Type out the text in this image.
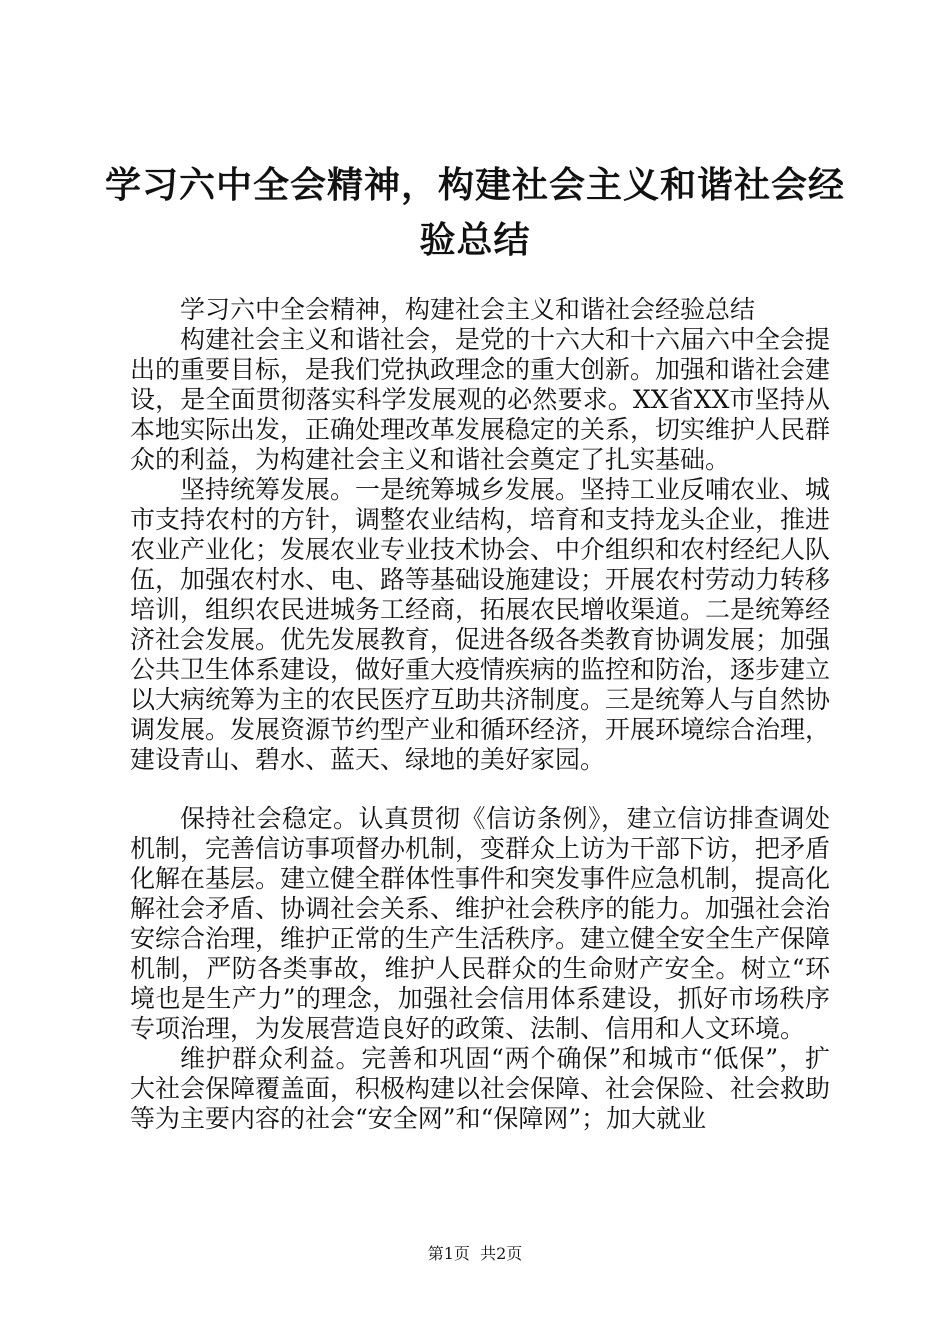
学习六中全会精神，构建社会主义和谐社会经
验总结

学习六中全会精神，构建社会主义和谐社会经验总结

构建社会主义和谐社会，是党的十六大和十六届六中全会提出的重要目标，是我们党执政理念的重大创新。加强和谐社会建设，是全面贯彻落实科学发展观的必然要求。XX省XX市坚持从本地实际出发，正确处理改革发展稳定的关系，切实维护人民群众的利益，为构建社会主义和谐社会奠定了扎实基础。

坚持统筹发展。一是统筹城乡发展。坚持工业反哺农业、城市支持农村的方针，调整农业结构，培育和支持龙头企业，推进农业产业化；发展农业专业技术协会、中介组织和农村经纪人队伍，加强农村水、电、路等基础设施建设；开展农村劳动力转移培训，组织农民进城务工经商，拓展农民增收渠道。二是统筹经济社会发展。优先发展教育，促进各级各类教育协调发展；加强公共卫生体系建设，做好重大疫情疾病的监控和防治，逐步建立以大病统筹为主的农民医疗互助共济制度。三是统筹人与自然协调发展。发展资源节约型产业和循环经济，开展环境综合治理，建设青山、碧水、蓝天、绿地的美好家园。

保持社会稳定。认真贯彻《信访条例》，建立信访排查调处机制，完善信访事项督办机制，变群众上访为干部下访，把矛盾化解在基层。建立健全群体性事件和突发事件应急机制，提高化解社会矛盾、协调社会关系、维护社会秩序的能力。加强社会治安综合治理，维护正常的生产生活秩序。建立健全安全生产保障机制，严防各类事故，维护人民群众的生命财产安全。树立“环境也是生产力”的理念，加强社会信用体系建设，抓好市场秩序专项治理，为发展营造良好的政策、法制、信用和人文环境。

维护群众利益。完善和巩固“两个确保”和城市“低保”，扩大社会保障覆盖面，积极构建以社会保障、社会保险、社会救助等为主要内容的社会“安全网”和“保障网”；加大就业

第1页  共2页
